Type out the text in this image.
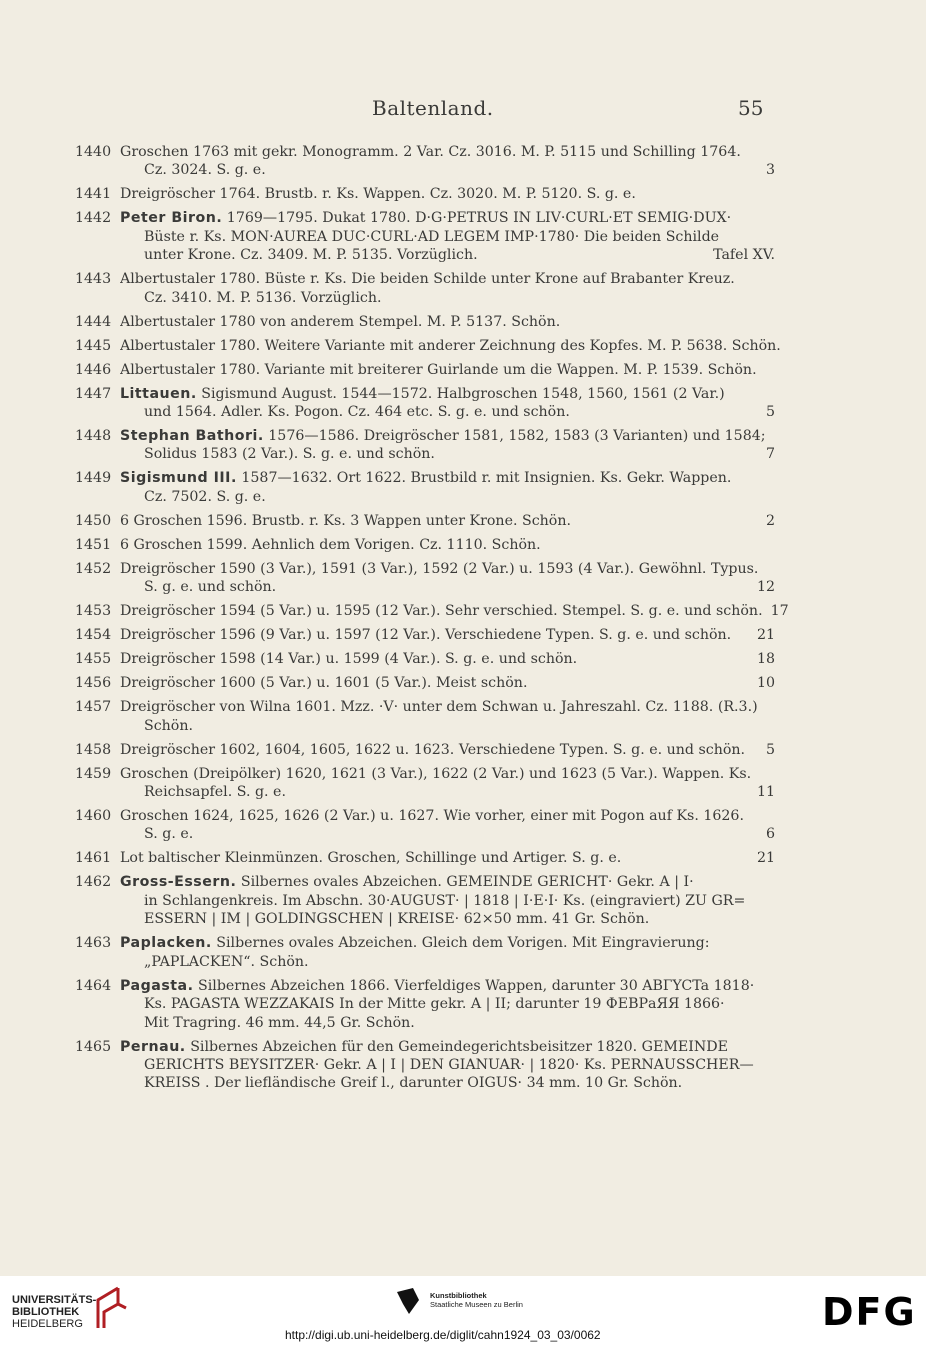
Baltenland.	55
1440 Groschen 1763 mit gekr. Monogramm. 2 Var. Cz. 3016. M. P. 5115 und Schilling 1764.
Cz. 3024. S. g. e.	3
1441 Dreigröscher 1764. Brustb. r. Ks. Wappen. Cz. 3020. M. P. 5120. S. g. e.
1442 Peter Biron. 1769—1795. Dukat 1780. D·G·PETRUS IN LIV·CURL·ET SEMIG·DUX·
Büste r. Ks. MON·AUREA DUC·CURL·AD LEGEM IMP·1780· Die beiden Schilde
unter Krone. Cz. 3409. M. P. 5135. Vorzüglich.	Tafel XV.
1443 Albertustaler 1780. Büste r. Ks. Die beiden Schilde unter Krone auf Brabanter Kreuz.
Cz. 3410. M. P. 5136. Vorzüglich.
1444 Albertustaler 1780 von anderem Stempel. M. P. 5137. Schön.
1445 Albertustaler 1780. Weitere Variante mit anderer Zeichnung des Kopfes. M. P. 5638. Schön.
1446 Albertustaler 1780. Variante mit breiterer Guirlande um die Wappen. M. P. 1539. Schön.
1447 Littauen. Sigismund August. 1544—1572. Halbgroschen 1548, 1560, 1561 (2 Var.)
und 1564. Adler. Ks. Pogon. Cz. 464 etc. S. g. e. und schön.	5
1448 Stephan Bathori. 1576—1586. Dreigröscher 1581, 1582, 1583 (3 Varianten) und 1584;
Solidus 1583 (2 Var.). S. g. e. und schön.	7
1449 Sigismund III. 1587—1632. Ort 1622. Brustbild r. mit Insignien. Ks. Gekr. Wappen.
Cz. 7502. S. g. e.
1450 6 Groschen 1596. Brustb. r. Ks. 3 Wappen unter Krone. Schön.	2
1451 6 Groschen 1599. Aehnlich dem Vorigen. Cz. 1110. Schön.
1452 Dreigröscher 1590 (3 Var.), 1591 (3 Var.), 1592 (2 Var.) u. 1593 (4 Var.). Gewöhnl. Typus.
S. g. e. und schön.	12
1453 Dreigröscher 1594 (5 Var.) u. 1595 (12 Var.). Sehr verschied. Stempel. S. g. e. und schön. 17
1454 Dreigröscher 1596 (9 Var.) u. 1597 (12 Var.). Verschiedene Typen. S. g. e. und schön.	21
1455 Dreigröscher 1598 (14 Var.) u. 1599 (4 Var.). S. g. e. und schön.	18
1456 Dreigröscher 1600 (5 Var.) u. 1601 (5 Var.). Meist schön.	10
1457 Dreigröscher von Wilna 1601. Mzz. ·V· unter dem Schwan u. Jahreszahl. Cz. 1188. (R.3.)
Schön.
1458 Dreigröscher 1602, 1604, 1605, 1622 u. 1623. Verschiedene Typen. S. g. e. und schön.	5
1459 Groschen (Dreipölker) 1620, 1621 (3 Var.), 1622 (2 Var.) und 1623 (5 Var.). Wappen. Ks.
Reichsapfel. S. g. e.	11
1460 Groschen 1624, 1625, 1626 (2 Var.) u. 1627. Wie vorher, einer mit Pogon auf Ks. 1626.
S. g. e.	6
1461 Lot baltischer Kleinmünzen. Groschen, Schillinge und Artiger. S. g. e.	21
1462 Gross-Essern. Silbernes ovales Abzeichen. GEMEINDE GERICHT· Gekr. A | I·
in Schlangenkreis. Im Abschn. 30·AUGUST· | 1818 | I·E·I· Ks. (eingraviert) ZU GR=
ESSERN | IM | GOLDINGSCHEN | KREISE· 62×50 mm. 41 Gr. Schön.
1463 Paplacken. Silbernes ovales Abzeichen. Gleich dem Vorigen. Mit Eingravierung:
„PAPLACKEN“. Schön.
1464 Pagasta. Silbernes Abzeichen 1866. Vierfeldiges Wappen, darunter 30 ABГYCTa 1818·
Ks. PAGASTA WEZZAKAIS In der Mitte gekr. A | II; darunter 19 ФЕВРаЯЯ 1866·
Mit Tragring. 46 mm. 44,5 Gr. Schön.
1465 Pernau. Silbernes Abzeichen für den Gemeindegerichtsbeisitzer 1820. GEMEINDE
GERICHTS BEYSITZER· Gekr. A | I | DEN GIANUAR· | 1820· Ks. PERNAUSSCHER—
KREISS . Der liefländische Greif l., darunter OIGUS· 34 mm. 10 Gr. Schön.
UNIVERSITÄTS-
BIBLIOTHEK
HEIDELBERG
Kunstbibliothek
Staatliche Museen zu Berlin	DFG
http://digi.ub.uni-heidelberg.de/diglit/cahn1924_03_03/0062
